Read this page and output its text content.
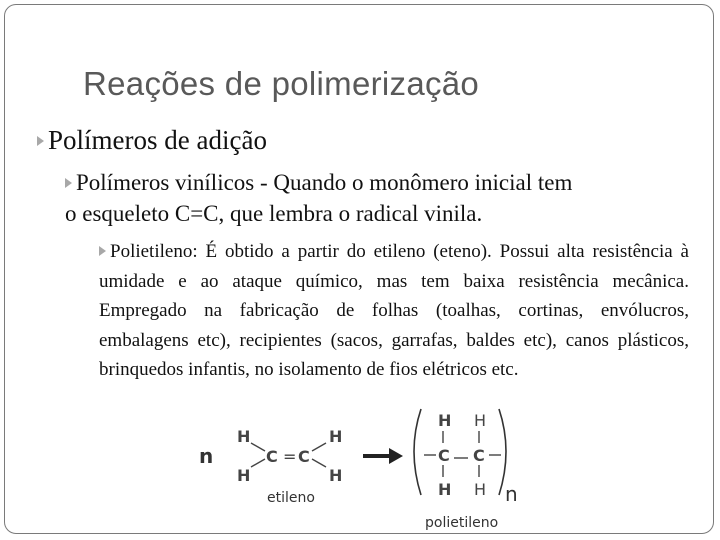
Reações de polimerização
Polímeros de adição
Polímeros vinílicos - Quando o monômero inicial tem
o esqueleto C=C, que lembra o radical vinila.
Polietileno: É obtido a partir do etileno (eteno). Possui alta resistência à umidade e ao ataque químico, mas tem baixa resistência mecânica. Empregado na fabricação de folhas (toalhas, cortinas, envólucros, embalagens etc), recipientes (sacos, garrafas, baldes etc), canos plásticos, brinquedos infantis, no isolamento de fios elétricos etc.
n
H
H
C = C
H
H
etileno
H H
C C
H H n
polietileno
